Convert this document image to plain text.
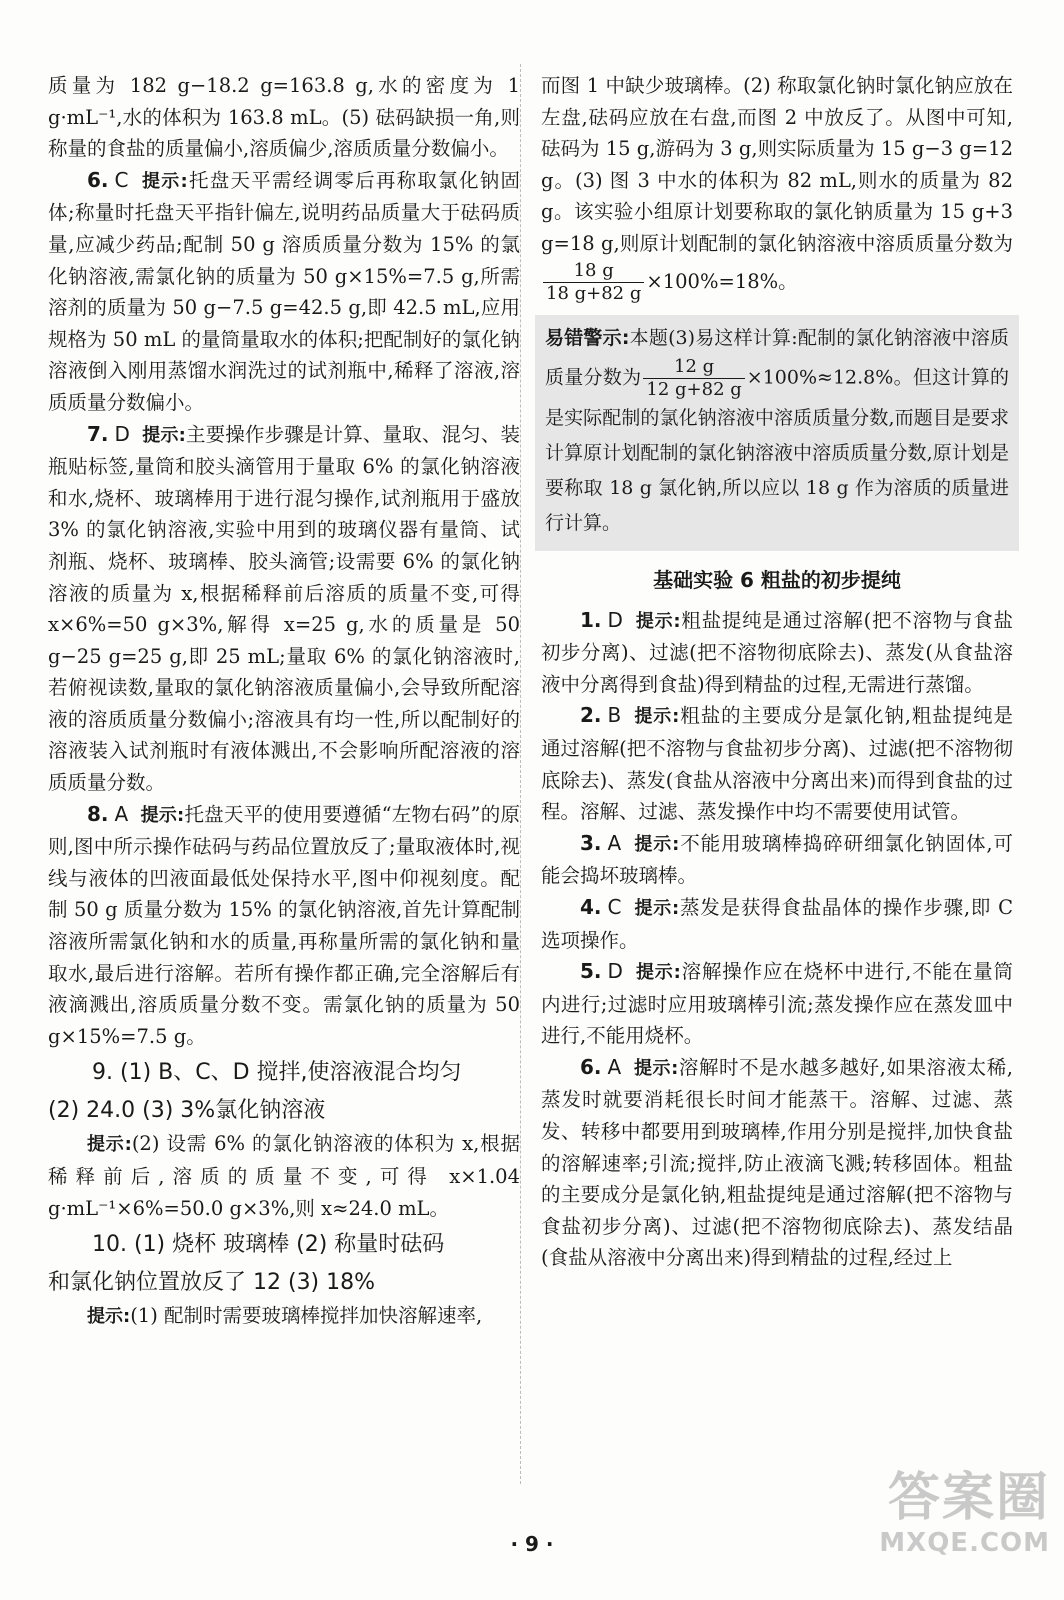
质量为 182 g−18.2 g=163.8 g,水的密度为 1 g·mL⁻¹,水的体积为 163.8 mL。(5) 砝码缺损一角,则称量的食盐的质量偏小,溶质偏少,溶质质量分数偏小。

6. C 提示:托盘天平需经调零后再称取氯化钠固体;称量时托盘天平指针偏左,说明药品质量大于砝码质量,应减少药品;配制 50 g 溶质质量分数为 15% 的氯化钠溶液,需氯化钠的质量为 50 g×15%=7.5 g,所需溶剂的质量为 50 g−7.5 g=42.5 g,即 42.5 mL,应用规格为 50 mL 的量筒量取水的体积;把配制好的氯化钠溶液倒入刚用蒸馏水润洗过的试剂瓶中,稀释了溶液,溶质质量分数偏小。

7. D 提示:主要操作步骤是计算、量取、混匀、装瓶贴标签,量筒和胶头滴管用于量取 6% 的氯化钠溶液和水,烧杯、玻璃棒用于进行混匀操作,试剂瓶用于盛放 3% 的氯化钠溶液,实验中用到的玻璃仪器有量筒、试剂瓶、烧杯、玻璃棒、胶头滴管;设需要 6% 的氯化钠溶液的质量为 x,根据稀释前后溶质的质量不变,可得 x×6%=50 g×3%,解得 x=25 g,水的质量是 50 g−25 g=25 g,即 25 mL;量取 6% 的氯化钠溶液时,若俯视读数,量取的氯化钠溶液质量偏小,会导致所配溶液的溶质质量分数偏小;溶液具有均一性,所以配制好的溶液装入试剂瓶时有液体溅出,不会影响所配溶液的溶质质量分数。

8. A 提示:托盘天平的使用要遵循“左物右码”的原则,图中所示操作砝码与药品位置放反了;量取液体时,视线与液体的凹液面最低处保持水平,图中仰视刻度。配制 50 g 质量分数为 15% 的氯化钠溶液,首先计算配制溶液所需氯化钠和水的质量,再称量所需的氯化钠和量取水,最后进行溶解。若所有操作都正确,完全溶解后有液滴溅出,溶质质量分数不变。需氯化钠的质量为 50 g×15%=7.5 g。

9. (1) B、C、D 搅拌,使溶液混合均匀

(2) 24.0 (3) 3%氯化钠溶液

提示:(2) 设需 6% 的氯化钠溶液的体积为 x,根据稀释前后,溶质的质量不变,可得 x×1.04 g·mL⁻¹×6%=50.0 g×3%,则 x≈24.0 mL。

10. (1) 烧杯 玻璃棒 (2) 称量时砝码

和氯化钠位置放反了 12 (3) 18%

提示:(1) 配制时需要玻璃棒搅拌加快溶解速率,

而图 1 中缺少玻璃棒。(2) 称取氯化钠时氯化钠应放在左盘,砝码应放在右盘,而图 2 中放反了。从图中可知,砝码为 15 g,游码为 3 g,则实际质量为 15 g−3 g=12 g。(3) 图 3 中水的体积为 82 mL,则水的质量为 82 g。该实验小组原计划要称取的氯化钠质量为 15 g+3 g=18 g,则原计划配制的氯化钠溶液中溶质质量分数为
$\frac{18 g}{18 g+82 g} \times 100\%=18\%$。

易错警示:本题(3)易这样计算:配制的氯化钠溶液中溶质质量分数为 $\frac{12 g}{12 g+82 g} \times 100\%\approx 12.8\%$。但这计算的是实际配制的氯化钠溶液中溶质质量分数,而题目是要求计算原计划配制的氯化钠溶液中溶质质量分数,原计划是要称取 18 g 氯化钠,所以应以 18 g 作为溶质的质量进行计算。
基础实验 6 粗盐的初步提纯

1. D 提示:粗盐提纯是通过溶解(把不溶物与食盐初步分离)、过滤(把不溶物彻底除去)、蒸发(从食盐溶液中分离得到食盐)得到精盐的过程,无需进行蒸馏。

2. B 提示:粗盐的主要成分是氯化钠,粗盐提纯是通过溶解(把不溶物与食盐初步分离)、过滤(把不溶物彻底除去)、蒸发(食盐从溶液中分离出来)而得到食盐的过程。溶解、过滤、蒸发操作中均不需要使用试管。

3. A 提示:不能用玻璃棒捣碎研细氯化钠固体,可能会捣坏玻璃棒。

4. C 提示:蒸发是获得食盐晶体的操作步骤,即 C 选项操作。

5. D 提示:溶解操作应在烧杯中进行,不能在量筒内进行;过滤时应用玻璃棒引流;蒸发操作应在蒸发皿中进行,不能用烧杯。

6. A 提示:溶解时不是水越多越好,如果溶液太稀,蒸发时就要消耗很长时间才能蒸干。溶解、过滤、蒸发、转移中都要用到玻璃棒,作用分别是搅拌,加快食盐的溶解速率;引流;搅拌,防止液滴飞溅;转移固体。粗盐的主要成分是氯化钠,粗盐提纯是通过溶解(把不溶物与食盐初步分离)、过滤(把不溶物彻底除去)、蒸发结晶(食盐从溶液中分离出来)得到精盐的过程,经过上

· 9 ·
答案圈
MXQE.COM
